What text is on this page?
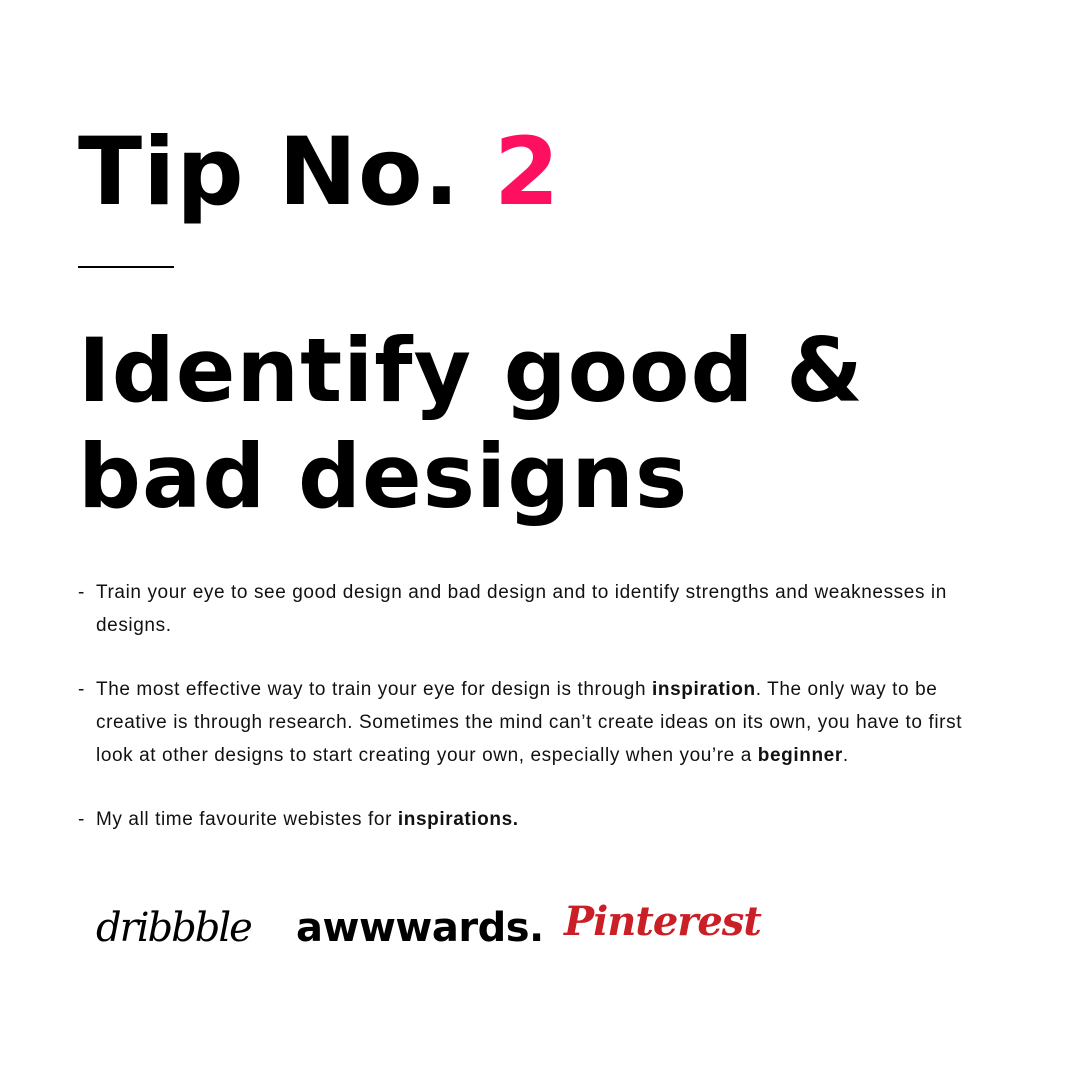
Tip No. 2
Identify good &
bad designs
- Train your eye to see good design and bad design and to identify strengths and weaknesses in designs.
- The most effective way to train your eye for design is through inspiration. The only way to be creative is through research. Sometimes the mind can’t create ideas on its own, you have to first look at other designs to start creating your own, especially when you’re a beginner.
- My all time favourite webistes for inspirations.
dribbble awwwards. Pinterest
